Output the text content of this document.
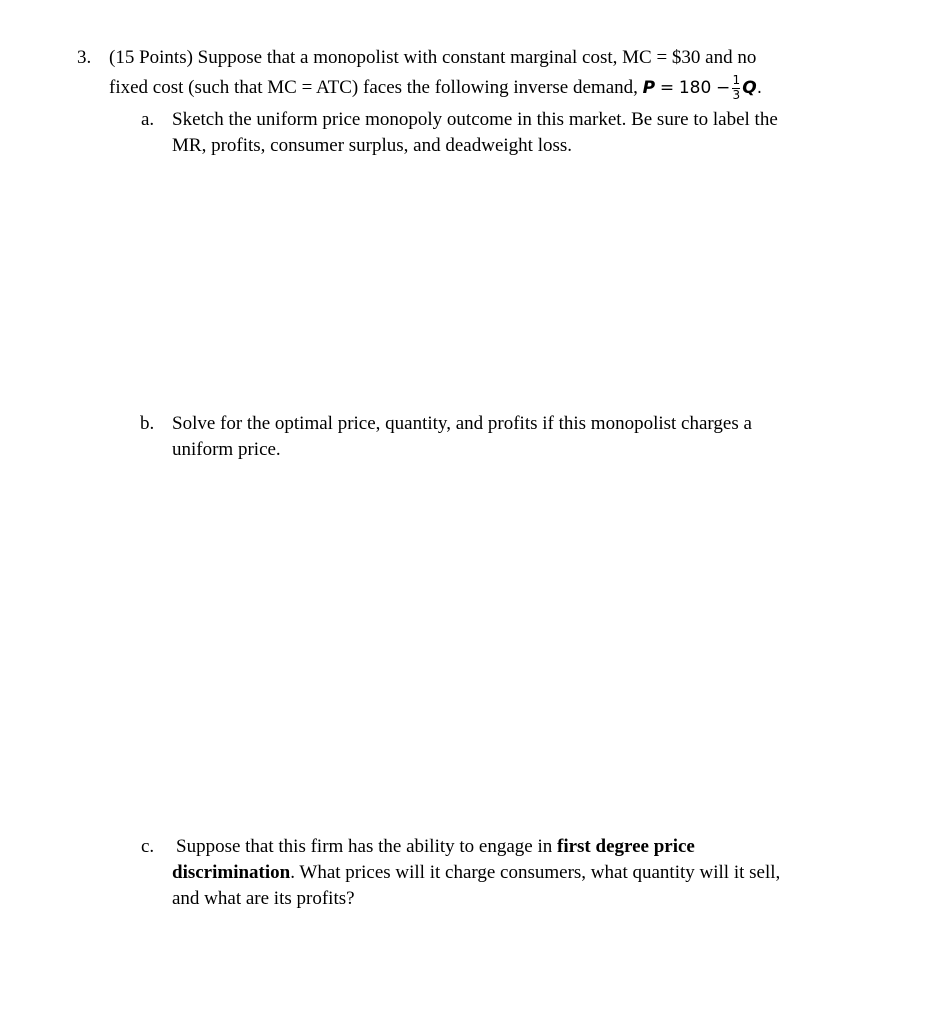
3. (15 Points) Suppose that a monopolist with constant marginal cost, MC = $30 and no
fixed cost (such that MC = ATC) faces the following inverse demand, $P = 180 - \frac{1}{3} Q$.
a. Sketch the uniform price monopoly outcome in this market. Be sure to label the
MR, profits, consumer surplus, and deadweight loss.
b. Solve for the optimal price, quantity, and profits if this monopolist charges a
uniform price.
c. Suppose that this firm has the ability to engage in first degree price
discrimination. What prices will it charge consumers, what quantity will it sell,
and what are its profits?
